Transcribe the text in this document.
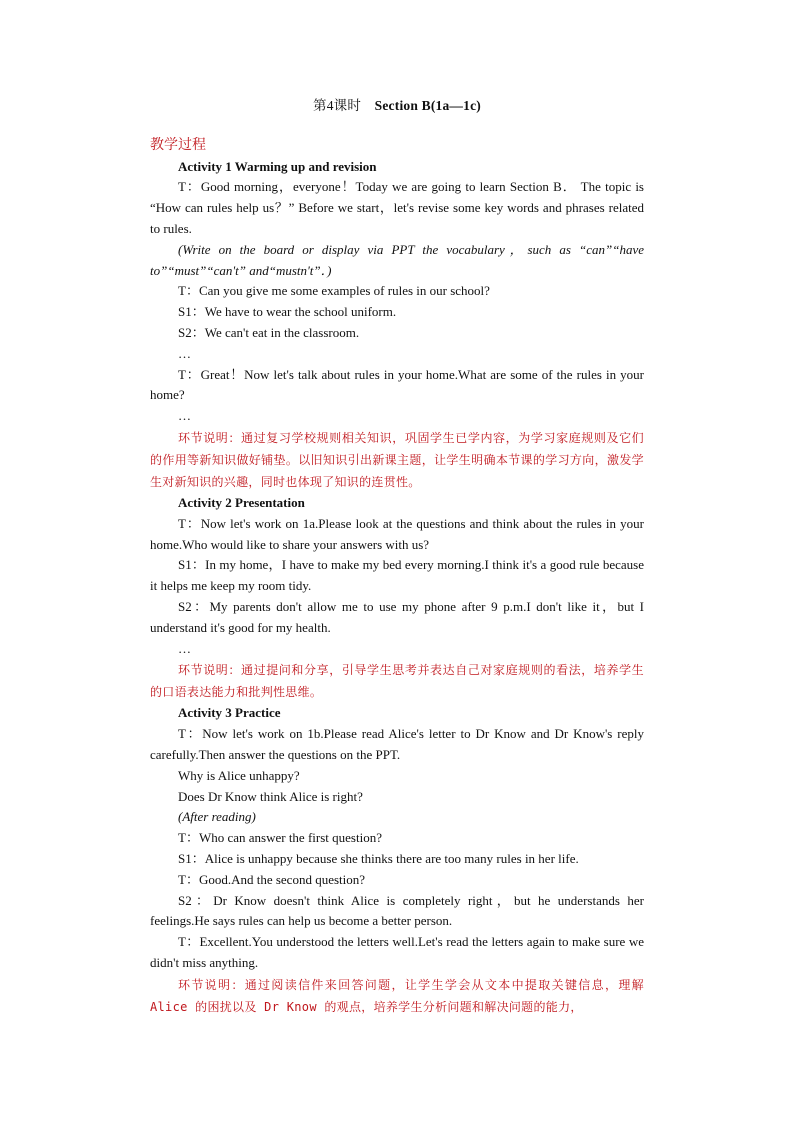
第4课时 Section B(1a—1c)
教学过程
Activity 1 Warming up and revision

T：Good morning，everyone！Today we are going to learn Section B． The topic is “How can rules help us？” Before we start，let's revise some key words and phrases related to rules.

(Write on the board or display via PPT the vocabulary，such as “can”“have to”“must”“can't” and“mustn't”．)

T：Can you give me some examples of rules in our school?

S1：We have to wear the school uniform.

S2：We can't eat in the classroom.

…

T：Great！Now let's talk about rules in your home.What are some of the rules in your home?

…

环节说明：通过复习学校规则相关知识，巩固学生已学内容，为学习家庭规则及它们的作用等新知识做好铺垫。以旧知识引出新课主题，让学生明确本节课的学习方向，激发学生对新知识的兴趣，同时也体现了知识的连贯性。
Activity 2 Presentation

T：Now let's work on 1a.Please look at the questions and think about the rules in your home.Who would like to share your answers with us?

S1：In my home，I have to make my bed every morning.I think it's a good rule because it helps me keep my room tidy.

S2：My parents don't allow me to use my phone after 9 p.m.I don't like it，but I understand it's good for my health.

…

环节说明：通过提问和分享，引导学生思考并表达自己对家庭规则的看法，培养学生的口语表达能力和批判性思维。
Activity 3 Practice

T：Now let's work on 1b.Please read Alice's letter to Dr Know and Dr Know's reply carefully.Then answer the questions on the PPT.

Why is Alice unhappy?

Does Dr Know think Alice is right?

(After reading)

T：Who can answer the first question?

S1：Alice is unhappy because she thinks there are too many rules in her life.

T：Good.And the second question?

S2：Dr Know doesn't think Alice is completely right，but he understands her feelings.He says rules can help us become a better person.

T：Excellent.You understood the letters well.Let's read the letters again to make sure we didn't miss anything.

环节说明：通过阅读信件来回答问题，让学生学会从文本中提取关键信息，理解 Alice 的困扰以及 Dr Know 的观点，培养学生分析问题和解决问题的能力，
